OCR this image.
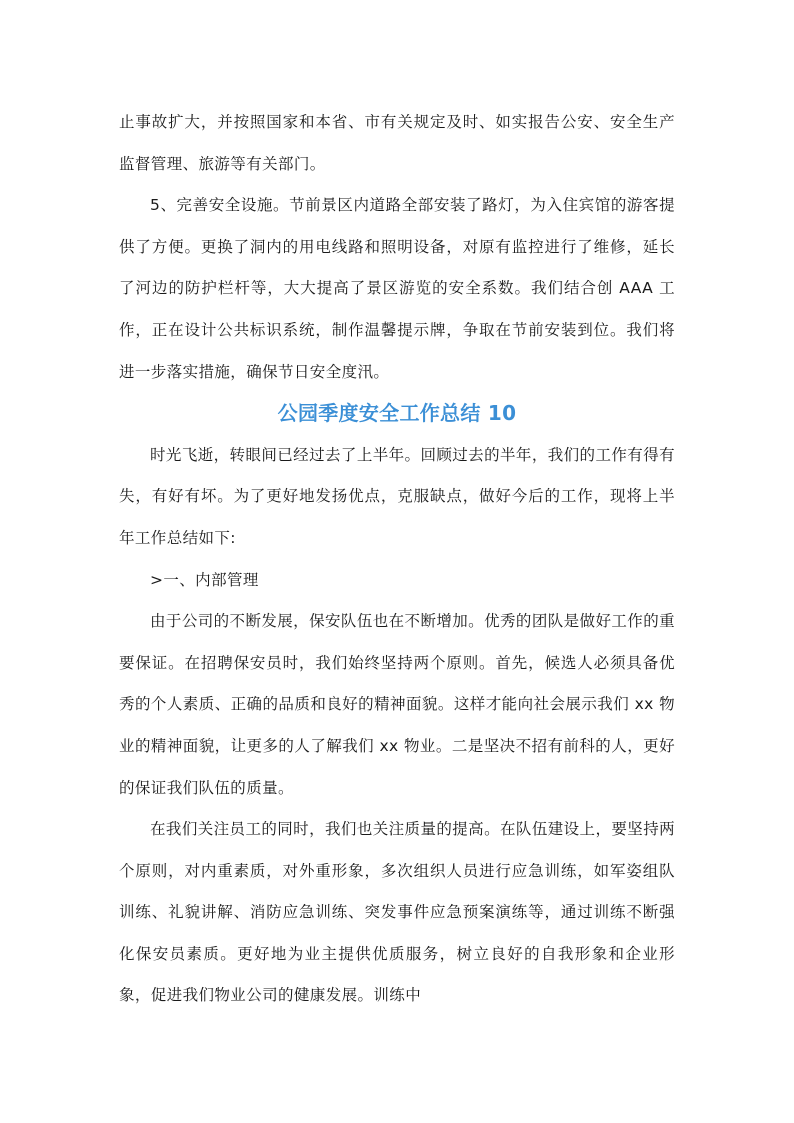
止事故扩大，并按照国家和本省、市有关规定及时、如实报告公安、安全生产监督管理、旅游等有关部门。

5、完善安全设施。节前景区内道路全部安装了路灯，为入住宾馆的游客提供了方便。更换了洞内的用电线路和照明设备，对原有监控进行了维修，延长了河边的防护栏杆等，大大提高了景区游览的安全系数。我们结合创 AAA 工作，正在设计公共标识系统，制作温馨提示牌，争取在节前安装到位。我们将进一步落实措施，确保节日安全度汛。

公园季度安全工作总结 10

时光飞逝，转眼间已经过去了上半年。回顾过去的半年，我们的工作有得有失，有好有坏。为了更好地发扬优点，克服缺点，做好今后的工作，现将上半年工作总结如下:

>一、内部管理

由于公司的不断发展，保安队伍也在不断增加。优秀的团队是做好工作的重要保证。在招聘保安员时，我们始终坚持两个原则。首先，候选人必须具备优秀的个人素质、正确的品质和良好的精神面貌。这样才能向社会展示我们 xx 物业的精神面貌，让更多的人了解我们 xx 物业。二是坚决不招有前科的人，更好的保证我们队伍的质量。

在我们关注员工的同时，我们也关注质量的提高。在队伍建设上，要坚持两个原则，对内重素质，对外重形象，多次组织人员进行应急训练，如军姿组队训练、礼貌讲解、消防应急训练、突发事件应急预案演练等，通过训练不断强化保安员素质。更好地为业主提供优质服务，树立良好的自我形象和企业形象，促进我们物业公司的健康发展。训练中
